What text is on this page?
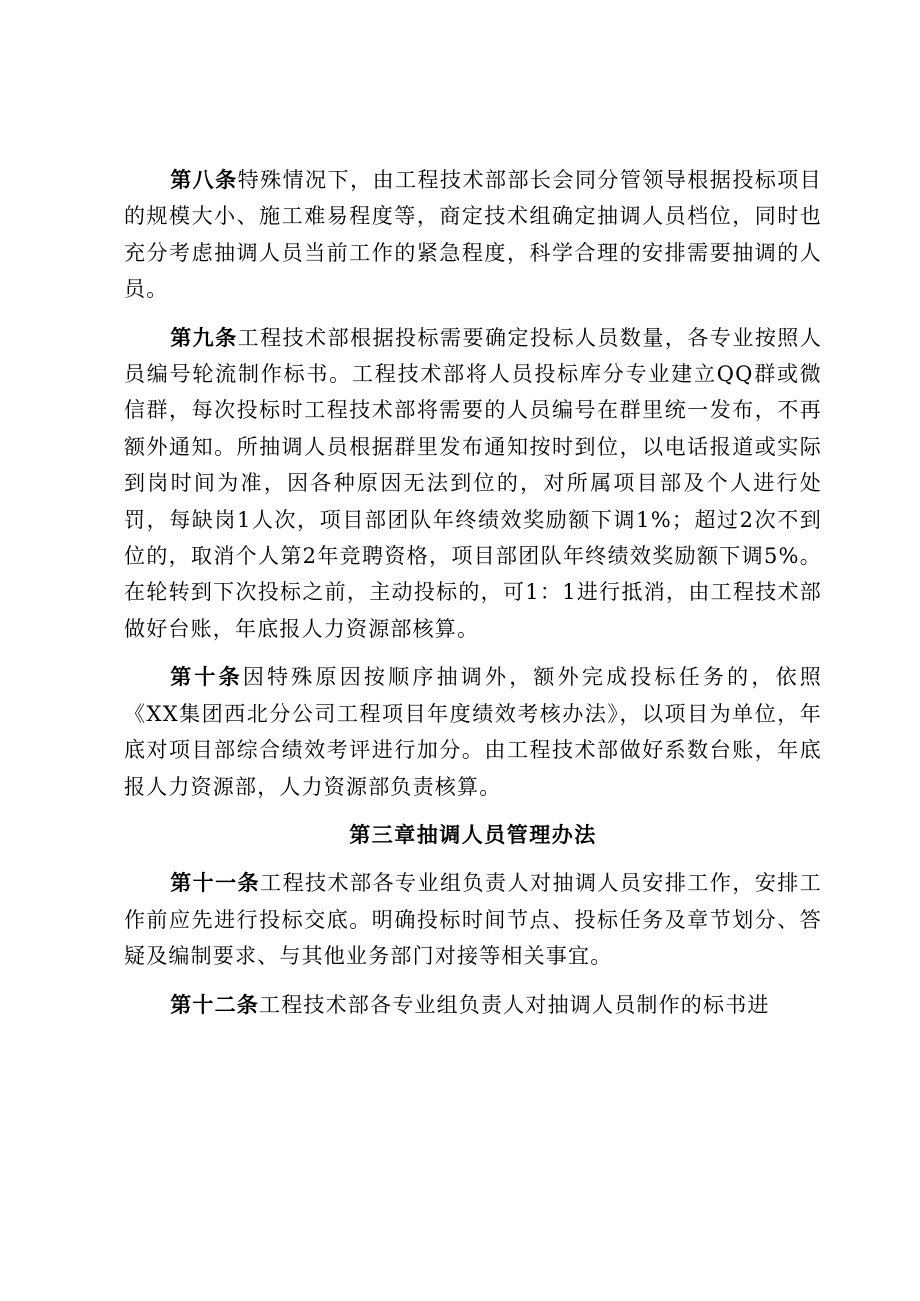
第八条特殊情况下，由工程技术部部长会同分管领导根据投标项目的规模大小、施工难易程度等，商定技术组确定抽调人员档位，同时也充分考虑抽调人员当前工作的紧急程度，科学合理的安排需要抽调的人员。

第九条工程技术部根据投标需要确定投标人员数量，各专业按照人员编号轮流制作标书。工程技术部将人员投标库分专业建立QQ群或微信群，每次投标时工程技术部将需要的人员编号在群里统一发布，不再额外通知。所抽调人员根据群里发布通知按时到位，以电话报道或实际到岗时间为准，因各种原因无法到位的，对所属项目部及个人进行处罚，每缺岗1人次，项目部团队年终绩效奖励额下调1%；超过2次不到位的，取消个人第2年竞聘资格，项目部团队年终绩效奖励额下调5%。在轮转到下次投标之前，主动投标的，可1：1进行抵消，由工程技术部做好台账，年底报人力资源部核算。

第十条因特殊原因按顺序抽调外，额外完成投标任务的，依照《XX集团西北分公司工程项目年度绩效考核办法》，以项目为单位，年底对项目部综合绩效考评进行加分。由工程技术部做好系数台账，年底报人力资源部，人力资源部负责核算。

第三章抽调人员管理办法

第十一条工程技术部各专业组负责人对抽调人员安排工作，安排工作前应先进行投标交底。明确投标时间节点、投标任务及章节划分、答疑及编制要求、与其他业务部门对接等相关事宜。

第十二条工程技术部各专业组负责人对抽调人员制作的标书进
